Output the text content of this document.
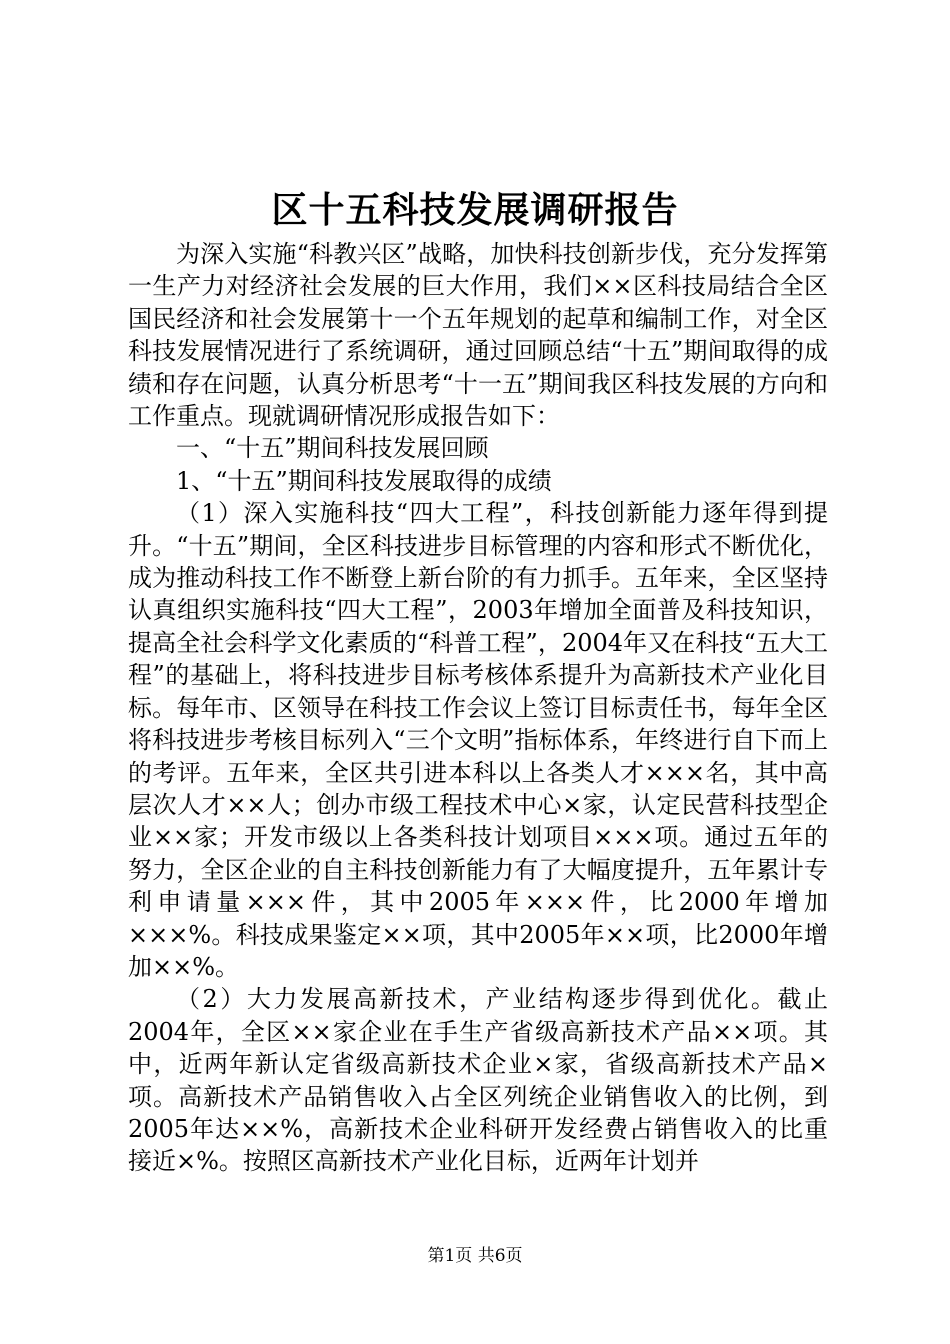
区十五科技发展调研报告

为深入实施“科教兴区”战略，加快科技创新步伐，充分发挥第一生产力对经济社会发展的巨大作用，我们××区科技局结合全区国民经济和社会发展第十一个五年规划的起草和编制工作，对全区科技发展情况进行了系统调研，通过回顾总结“十五”期间取得的成绩和存在问题，认真分析思考“十一五”期间我区科技发展的方向和工作重点。现就调研情况形成报告如下：

一、“十五”期间科技发展回顾

1、“十五”期间科技发展取得的成绩

（1）深入实施科技“四大工程”，科技创新能力逐年得到提升。“十五”期间，全区科技进步目标管理的内容和形式不断优化，成为推动科技工作不断登上新台阶的有力抓手。五年来，全区坚持认真组织实施科技“四大工程”，2003年增加全面普及科技知识，提高全社会科学文化素质的“科普工程”，2004年又在科技“五大工程”的基础上，将科技进步目标考核体系提升为高新技术产业化目标。每年市、区领导在科技工作会议上签订目标责任书，每年全区将科技进步考核目标列入“三个文明”指标体系，年终进行自下而上的考评。五年来，全区共引进本科以上各类人才×××名，其中高层次人才××人；创办市级工程技术中心×家，认定民营科技型企业××家；开发市级以上各类科技计划项目×××项。通过五年的努力，全区企业的自主科技创新能力有了大幅度提升，五年累计专利申请量×××件，其中2005年×××件，比2000年增加×××%。科技成果鉴定××项，其中2005年××项，比2000年增加××%。

（2）大力发展高新技术，产业结构逐步得到优化。截止2004年，全区××家企业在手生产省级高新技术产品××项。其中，近两年新认定省级高新技术企业×家，省级高新技术产品×项。高新技术产品销售收入占全区列统企业销售收入的比例，到2005年达××%，高新技术企业科研开发经费占销售收入的比重接近×%。按照区高新技术产业化目标，近两年计划并

第1页 共6页
